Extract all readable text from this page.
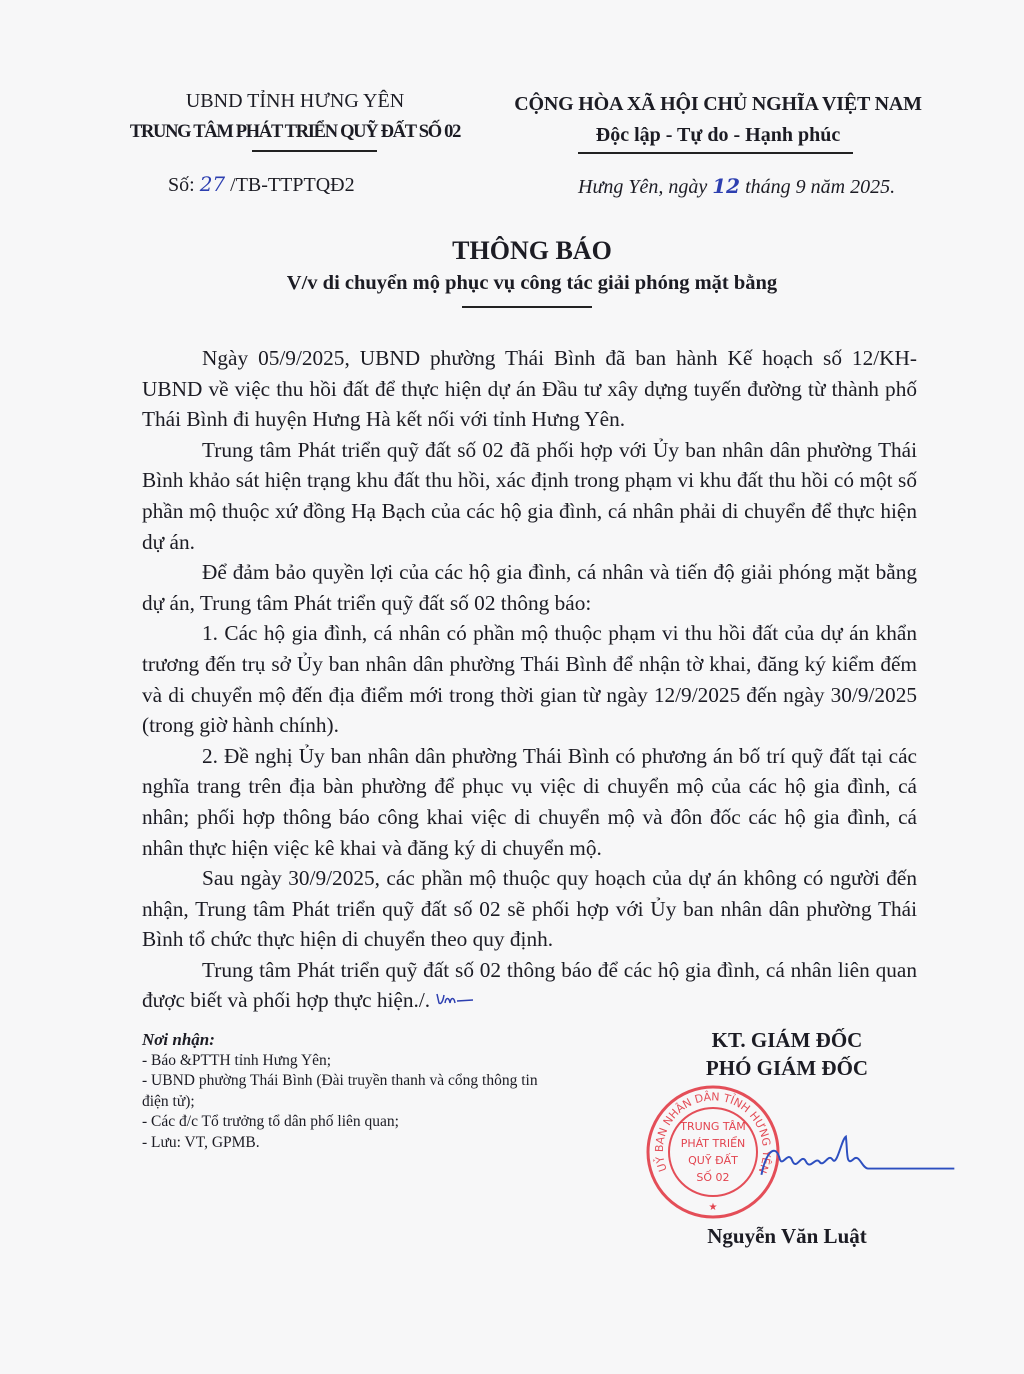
UBND TỈNH HƯNG YÊN
TRUNG TÂM PHÁT TRIỂN QUỸ ĐẤT SỐ 02
CỘNG HÒA XÃ HỘI CHỦ NGHĨA VIỆT NAM
Độc lập - Tự do - Hạnh phúc
Số: 27 /TB-TTPTQĐ2	Hưng Yên, ngày 12 tháng 9 năm 2025.
THÔNG BÁO
V/v di chuyển mộ phục vụ công tác giải phóng mặt bằng

Ngày 05/9/2025, UBND phường Thái Bình đã ban hành Kế hoạch số 12/KH-UBND về việc thu hồi đất để thực hiện dự án Đầu tư xây dựng tuyến đường từ thành phố Thái Bình đi huyện Hưng Hà kết nối với tỉnh Hưng Yên.

Trung tâm Phát triển quỹ đất số 02 đã phối hợp với Ủy ban nhân dân phường Thái Bình khảo sát hiện trạng khu đất thu hồi, xác định trong phạm vi khu đất thu hồi có một số phần mộ thuộc xứ đồng Hạ Bạch của các hộ gia đình, cá nhân phải di chuyển để thực hiện dự án.

Để đảm bảo quyền lợi của các hộ gia đình, cá nhân và tiến độ giải phóng mặt bằng dự án, Trung tâm Phát triển quỹ đất số 02 thông báo:

1. Các hộ gia đình, cá nhân có phần mộ thuộc phạm vi thu hồi đất của dự án khẩn trương đến trụ sở Ủy ban nhân dân phường Thái Bình để nhận tờ khai, đăng ký kiểm đếm và di chuyển mộ đến địa điểm mới trong thời gian từ ngày 12/9/2025 đến ngày 30/9/2025 (trong giờ hành chính).

2. Đề nghị Ủy ban nhân dân phường Thái Bình có phương án bố trí quỹ đất tại các nghĩa trang trên địa bàn phường để phục vụ việc di chuyển mộ của các hộ gia đình, cá nhân; phối hợp thông báo công khai việc di chuyển mộ và đôn đốc các hộ gia đình, cá nhân thực hiện việc kê khai và đăng ký di chuyển mộ.

Sau ngày 30/9/2025, các phần mộ thuộc quy hoạch của dự án không có người đến nhận, Trung tâm Phát triển quỹ đất số 02 sẽ phối hợp với Ủy ban nhân dân phường Thái Bình tổ chức thực hiện di chuyển theo quy định.

Trung tâm Phát triển quỹ đất số 02 thông báo để các hộ gia đình, cá nhân liên quan được biết và phối hợp thực hiện./.

Nơi nhận:
- Báo &PTTH tỉnh Hưng Yên;
- UBND phường Thái Bình (Đài truyền thanh và cổng thông tin điện tử);
- Các đ/c Tổ trưởng tổ dân phố liên quan;
- Lưu: VT, GPMB.
KT. GIÁM ĐỐC
PHÓ GIÁM ĐỐC
UỶ BAN NHÂN DÂN TỈNH HƯNG YÊN
TRUNG TÂM
PHÁT TRIỂN
QUỸ ĐẤT
SỐ 02
★
Nguyễn Văn Luật
